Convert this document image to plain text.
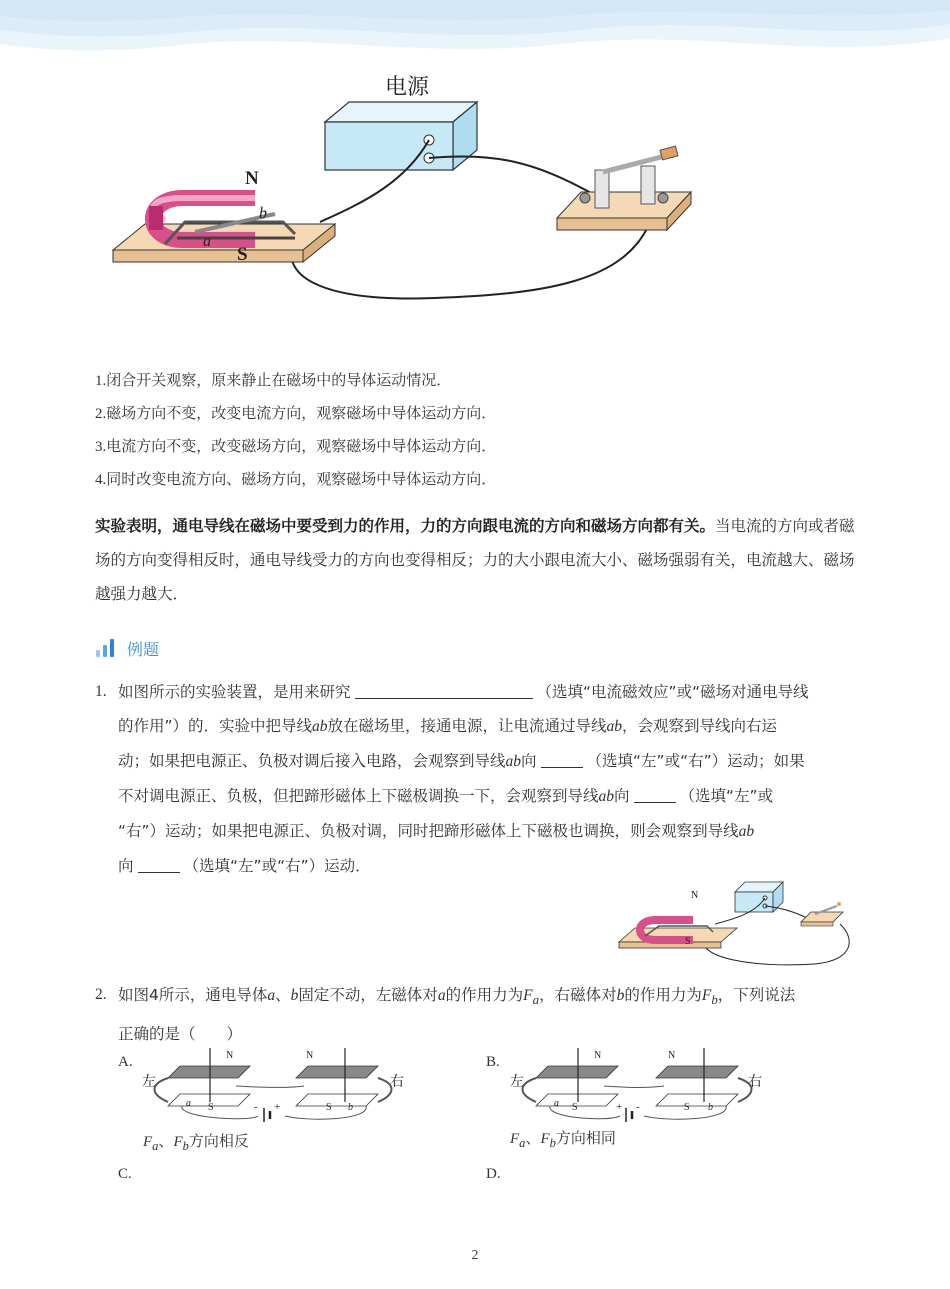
电源
N
S
a
b
1.闭合开关观察，原来静止在磁场中的导体运动情况．
2.磁场方向不变，改变电流方向，观察磁场中导体运动方向．
3.电流方向不变，改变磁场方向，观察磁场中导体运动方向．
4.同时改变电流方向、磁场方向，观察磁场中导体运动方向．
实验表明，通电导线在磁场中要受到力的作用，力的方向跟电流的方向和磁场方向都有关。当电流的方向或者磁场的方向变得相反时，通电导线受力的方向也变得相反；力的大小跟电流大小、磁场强弱有关，电流越大、磁场越强力越大．
例题
1. 如图所示的实验装置，是用来研究	（选填“电流磁效应”或“磁场对通电导线
的作用”）的．实验中把导线ab放在磁场里，接通电源，让电流通过导线ab，会观察到导线向右运
动；如果把电源正、负极对调后接入电路，会观察到导线ab向	（选填“左”或“右”）运动；如果
不对调电源正、负极，但把蹄形磁体上下磁极调换一下，会观察到导线ab向	（选填“左”或
“右”）运动；如果把电源正、负极对调，同时把蹄形磁体上下磁极也调换，则会观察到导线ab
向	（选填“左”或“右”）运动．
N
S
2. 如图4所示，通电导体a、b固定不动，左磁体对a的作用力为$F_a$，右磁体对b的作用力为$F_b$，下列说法
正确的是（　　）
A.
左	右
N	N
S	S
a	b
- +
$F_a$、$F_b$方向相反
B.
左	右
N	N
S	S
a	b
+ -
$F_a$、$F_b$方向相同
C.	D.
2
